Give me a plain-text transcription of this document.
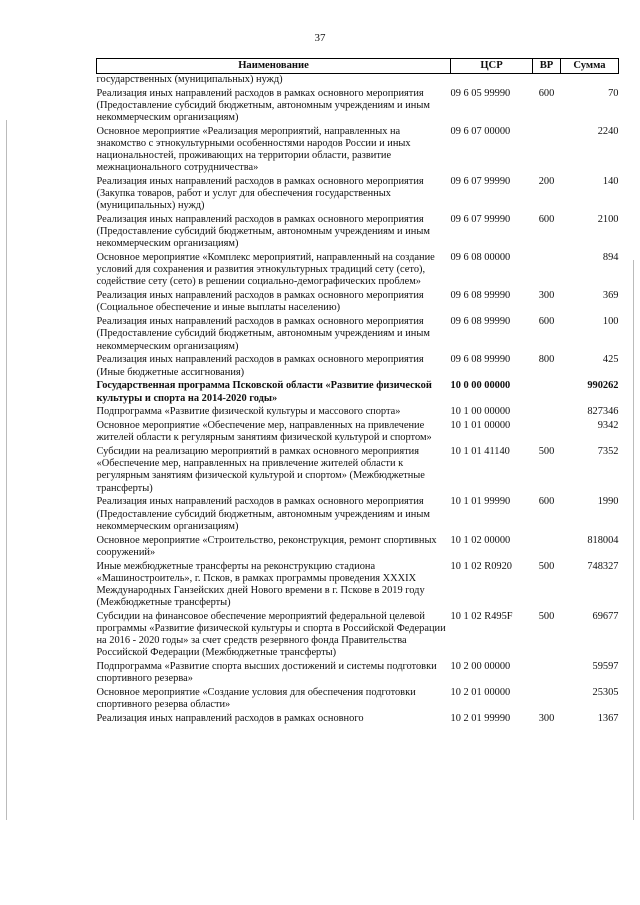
37
Наименование	ЦСР	ВР	Сумма
государственных (муниципальных) нужд)			
Реализация иных направлений расходов в рамках основного мероприятия (Предоставление субсидий бюджетным, автономным учреждениям и иным некоммерческим организациям)	09 6 05 99990	600	70
Основное мероприятие «Реализация мероприятий, направленных на знакомство с этнокультурными особенностями народов России и иных национальностей, проживающих на территории области, развитие межнационального сотрудничества»	09 6 07 00000		2240
Реализация иных направлений расходов в рамках основного мероприятия (Закупка товаров, работ и услуг для обеспечения государственных (муниципальных) нужд)	09 6 07 99990	200	140
Реализация иных направлений расходов в рамках основного мероприятия (Предоставление субсидий бюджетным, автономным учреждениям и иным некоммерческим организациям)	09 6 07 99990	600	2100
Основное мероприятие «Комплекс мероприятий, направленный на создание условий для сохранения и развития этнокультурных традиций сету (сето), содействие сету (сето) в решении социально-демографических проблем»	09 6 08 00000		894
Реализация иных направлений расходов в рамках основного мероприятия (Социальное обеспечение и иные выплаты населению)	09 6 08 99990	300	369
Реализация иных направлений расходов в рамках основного мероприятия (Предоставление субсидий бюджетным, автономным учреждениям и иным некоммерческим организациям)	09 6 08 99990	600	100
Реализация иных направлений расходов в рамках основного мероприятия (Иные бюджетные ассигнования)	09 6 08 99990	800	425
Государственная программа Псковской области «Развитие физической культуры и спорта на 2014-2020 годы»	10 0 00 00000		990262
Подпрограмма «Развитие физической культуры и массового спорта»	10 1 00 00000		827346
Основное мероприятие «Обеспечение мер, направленных на привлечение жителей области к регулярным занятиям физической культурой и спортом»	10 1 01 00000		9342
Субсидии на реализацию мероприятий в рамках основного мероприятия «Обеспечение мер, направленных на привлечение жителей области к регулярным занятиям физической культурой и спортом» (Межбюджетные трансферты)	10 1 01 41140	500	7352
Реализация иных направлений расходов в рамках основного мероприятия (Предоставление субсидий бюджетным, автономным учреждениям и иным некоммерческим организациям)	10 1 01 99990	600	1990
Основное мероприятие «Строительство, реконструкция, ремонт спортивных сооружений»	10 1 02 00000		818004
Иные межбюджетные трансферты на реконструкцию стадиона «Машиностроитель», г. Псков, в рамках программы проведения XXXIX Международных Ганзейских дней Нового времени в г. Пскове в 2019 году (Межбюджетные трансферты)	10 1 02 R0920	500	748327
Субсидии на финансовое обеспечение мероприятий федеральной целевой программы «Развитие физической культуры и спорта в Российской Федерации на 2016 - 2020 годы» за счет средств резервного фонда Правительства Российской Федерации (Межбюджетные трансферты)	10 1 02 R495F	500	69677
Подпрограмма «Развитие спорта высших достижений и системы подготовки спортивного резерва»	10 2 00 00000		59597
Основное мероприятие «Создание условия для обеспечения подготовки спортивного резерва области»	10 2 01 00000		25305
Реализация иных направлений расходов в рамках основного	10 2 01 99990	300	1367
